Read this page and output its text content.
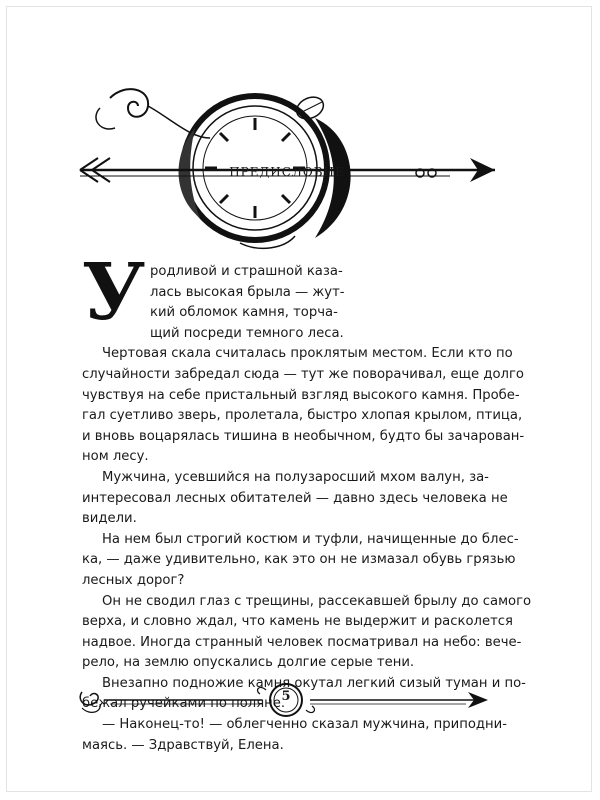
ПРЕДИСЛОВИЕ
У родливой и страшной каза-
лась высокая брыла — жут-
кий обломок камня, торча-
щий посреди темного леса.

Чертовая скала считалась проклятым местом. Если кто по
случайности забредал сюда — тут же поворачивал, еще долго
чувствуя на себе пристальный взгляд высокого камня. Пробе-
гал суетливо зверь, пролетала, быстро хлопая крылом, птица,
и вновь воцарялась тишина в необычном, будто бы зачарован-
ном лесу.

Мужчина, усевшийся на полузаросший мхом валун, за-
интересовал лесных обитателей — давно здесь человека не
видели.

На нем был строгий костюм и туфли, начищенные до блес-
ка, — даже удивительно, как это он не измазал обувь грязью
лесных дорог?

Он не сводил глаз с трещины, рассекавшей брылу до самого
верха, и словно ждал, что камень не выдержит и расколется
надвое. Иногда странный человек посматривал на небо: вече-
рело, на землю опускались долгие серые тени.

Внезапно подножие камня окутал легкий сизый туман и по-
бежал ручейками по поляне.

— Наконец-то! — облегченно сказал мужчина, приподни-
маясь. — Здравствуй, Елена.

5
